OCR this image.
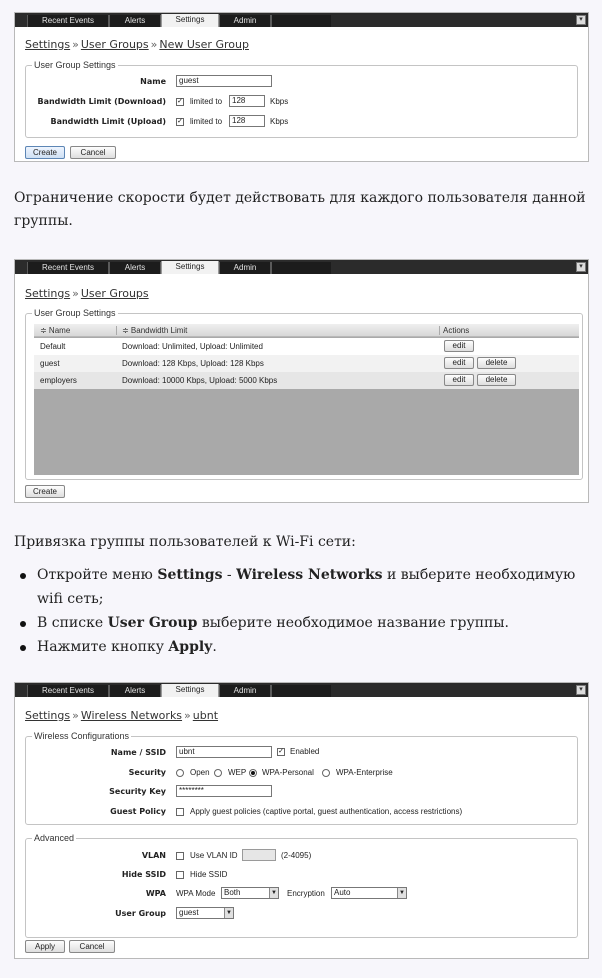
Recent Events	Alerts	Settings	Admin	▾
Settings » User Groups » New User Group
User Group Settings
Name	guest
Bandwidth Limit (Download) ✓ limited to	128	Kbps
Bandwidth Limit (Upload) ✓ limited to	128	Kbps
Create	Cancel

Ограничение скорости будет действовать для каждого пользователя данной группы.

Recent Events	Alerts	Settings	Admin	▾
Settings » User Groups
User Group Settings
≑ Name	≑ Bandwidth Limit	Actions
Default	Download: Unlimited, Upload: Unlimited	edit
guest	Download: 128 Kbps, Upload: 128 Kbps	edit	delete
employers	Download: 10000 Kbps, Upload: 5000 Kbps	edit	delete
Create

Привязка группы пользователей к Wi-Fi сети:

Откройте меню Settings - Wireless Networks и выберите необходимую wifi сеть;
В списке User Group выберите необходимое название группы.
Нажмите кнопку Apply.
Recent Events	Alerts	Settings	Admin	▾
Settings » Wireless Networks » ubnt
Wireless Configurations
Name / SSID	ubnt	✓ Enabled
Security	Open WEP WPA-Personal	WPA-Enterprise
Security Key	********
Guest Policy	Apply guest policies (captive portal, guest authentication, access restrictions)
Advanced
VLAN	Use VLAN ID	(2-4095)
Hide SSID	Hide SSID
WPA WPA Mode	Both	▼ Encryption	Auto	▼
User Group	guest	▼
Apply	Cancel
